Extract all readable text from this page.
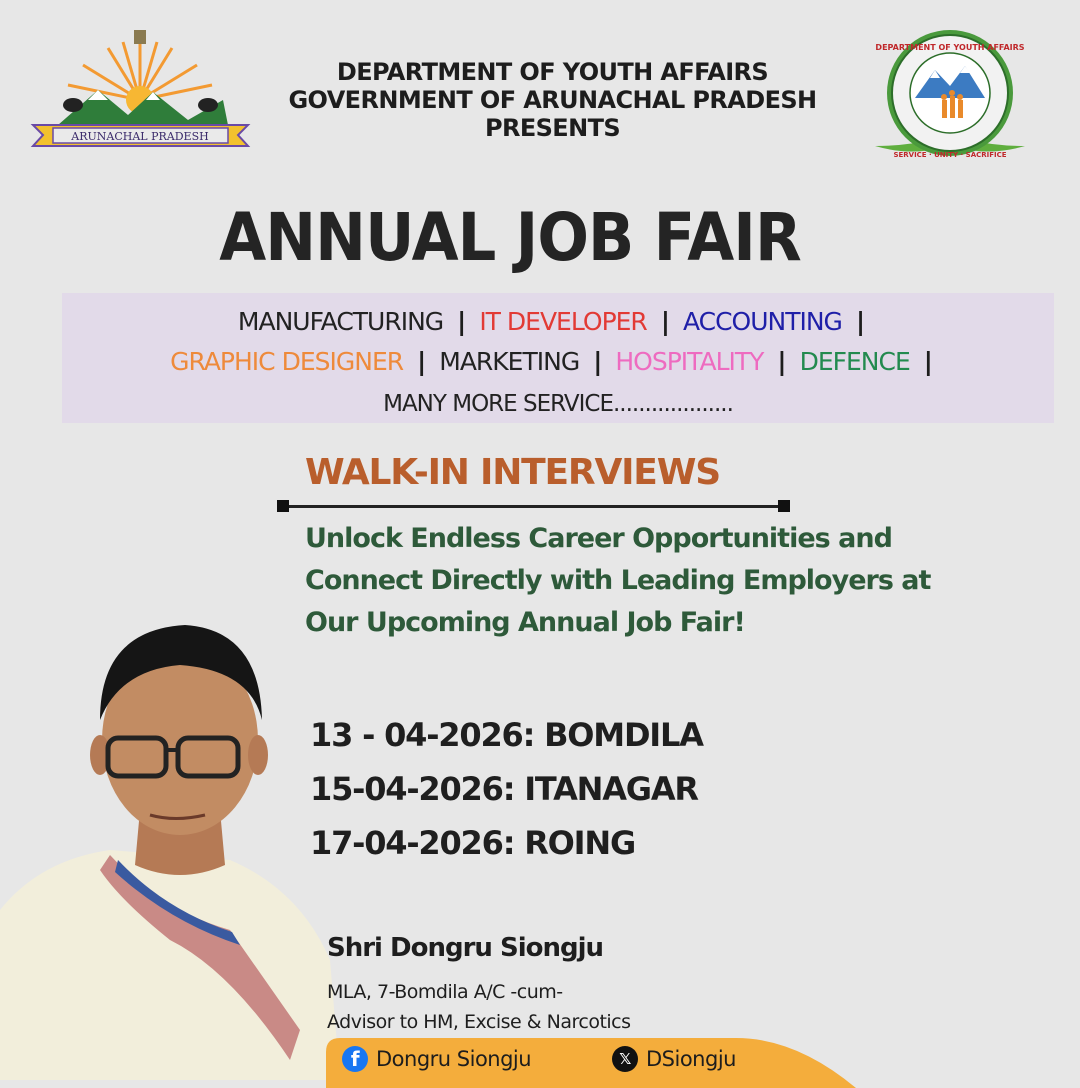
ARUNACHAL PRADESH
DEPARTMENT OF YOUTH AFFAIRS
GOVERNMENT OF ARUNACHAL PRADESH
PRESENTS
DEPARTMENT OF YOUTH AFFAIRS
SERVICE · UNITY · SACRIFICE
ANNUAL JOB FAIR
MANUFACTURING | IT DEVELOPER | ACCOUNTING |
GRAPHIC DESIGNER | MARKETING | HOSPITALITY | DEFENCE |
MANY MORE SERVICE...................
WALK-IN INTERVIEWS
Unlock Endless Career Opportunities and
Connect Directly with Leading Employers at
Our Upcoming Annual Job Fair!
13 - 04-2026: BOMDILA
15-04-2026: ITANAGAR
17-04-2026: ROING
Shri Dongru Siongju
MLA, 7-Bomdila A/C -cum-
Advisor to HM, Excise & Narcotics
f Dongru Siongju	𝕏 DSiongju
